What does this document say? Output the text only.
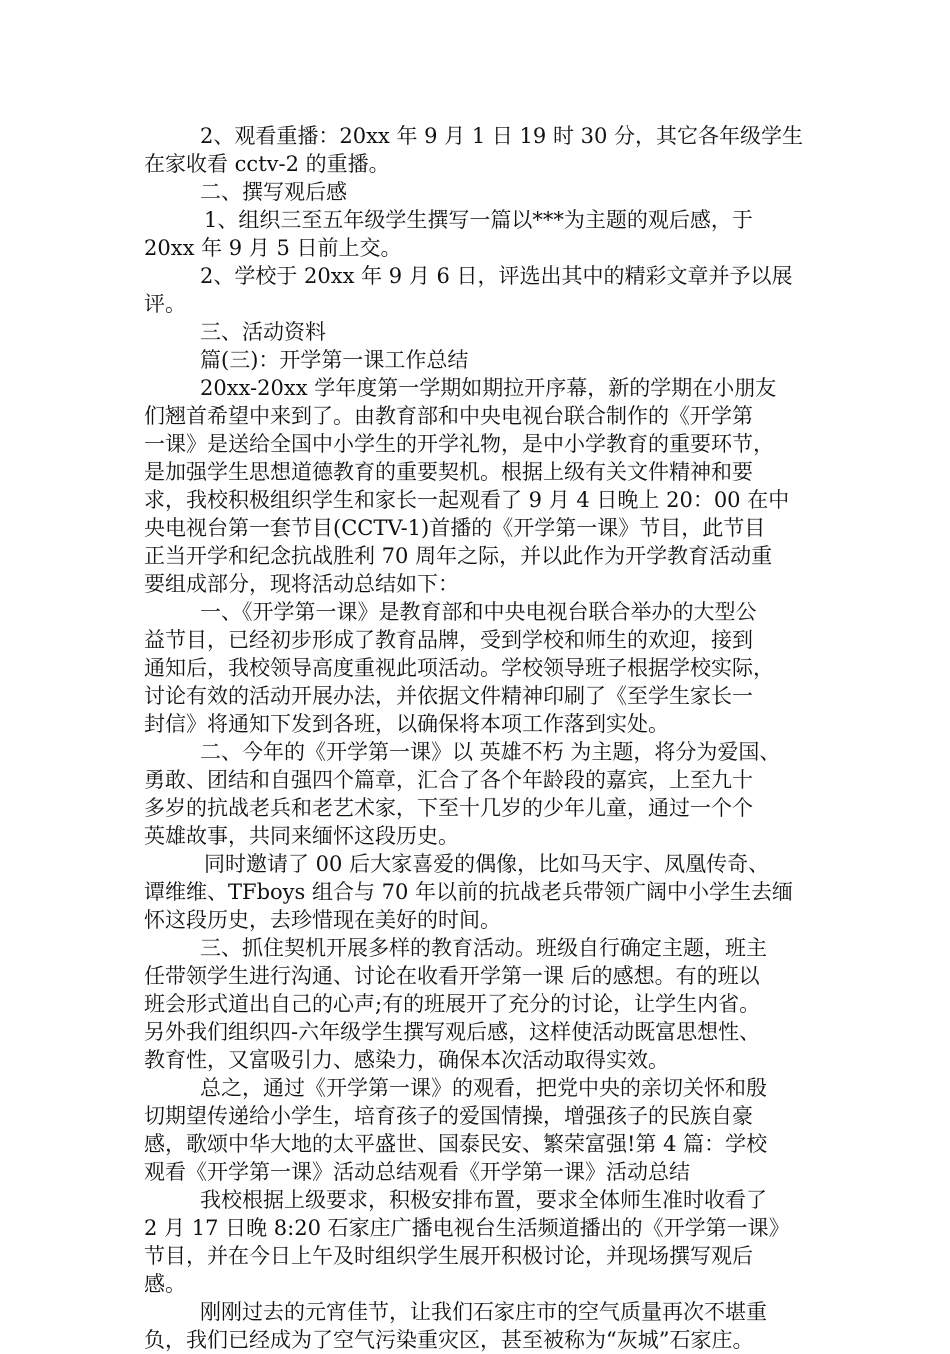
2、观看重播：20xx 年 9 月 1 日 19 时 30 分，其它各年级学生
在家收看 cctv-2 的重播。
二、撰写观后感
1、组织三至五年级学生撰写一篇以***为主题的观后感，于
20xx 年 9 月 5 日前上交。
2、学校于 20xx 年 9 月 6 日，评选出其中的精彩文章并予以展
评。
三、活动资料
篇(三)：开学第一课工作总结
20xx-20xx 学年度第一学期如期拉开序幕，新的学期在小朋友
们翘首希望中来到了。由教育部和中央电视台联合制作的《开学第
一课》是送给全国中小学生的开学礼物，是中小学教育的重要环节，
是加强学生思想道德教育的重要契机。根据上级有关文件精神和要
求，我校积极组织学生和家长一起观看了 9 月 4 日晚上 20：00 在中
央电视台第一套节目(CCTV-1)首播的《开学第一课》节目，此节目
正当开学和纪念抗战胜利 70 周年之际，并以此作为开学教育活动重
要组成部分，现将活动总结如下：
一、《开学第一课》是教育部和中央电视台联合举办的大型公
益节目，已经初步形成了教育品牌，受到学校和师生的欢迎，接到
通知后，我校领导高度重视此项活动。学校领导班子根据学校实际，
讨论有效的活动开展办法，并依据文件精神印刷了《至学生家长一
封信》将通知下发到各班，以确保将本项工作落到实处。
二、今年的《开学第一课》以 英雄不朽 为主题，将分为爱国、
勇敢、团结和自强四个篇章，汇合了各个年龄段的嘉宾，上至九十
多岁的抗战老兵和老艺术家，下至十几岁的少年儿童，通过一个个
英雄故事，共同来缅怀这段历史。
同时邀请了 00 后大家喜爱的偶像，比如马天宇、凤凰传奇、
谭维维、TFboys 组合与 70 年以前的抗战老兵带领广阔中小学生去缅
怀这段历史，去珍惜现在美好的时间。
三、抓住契机开展多样的教育活动。班级自行确定主题，班主
任带领学生进行沟通、讨论在收看开学第一课 后的感想。有的班以
班会形式道出自己的心声;有的班展开了充分的讨论，让学生内省。
另外我们组织四-六年级学生撰写观后感，这样使活动既富思想性、
教育性，又富吸引力、感染力，确保本次活动取得实效。
总之，通过《开学第一课》的观看，把党中央的亲切关怀和殷
切期望传递给小学生，培育孩子的爱国情操，增强孩子的民族自豪
感，歌颂中华大地的太平盛世、国泰民安、繁荣富强!第 4 篇：学校
观看《开学第一课》活动总结观看《开学第一课》活动总结
我校根据上级要求，积极安排布置，要求全体师生准时收看了
2 月 17 日晚 8:20 石家庄广播电视台生活频道播出的《开学第一课》
节目，并在今日上午及时组织学生展开积极讨论，并现场撰写观后
感。
刚刚过去的元宵佳节，让我们石家庄市的空气质量再次不堪重
负，我们已经成为了空气污染重灾区，甚至被称为“灰城”石家庄。
